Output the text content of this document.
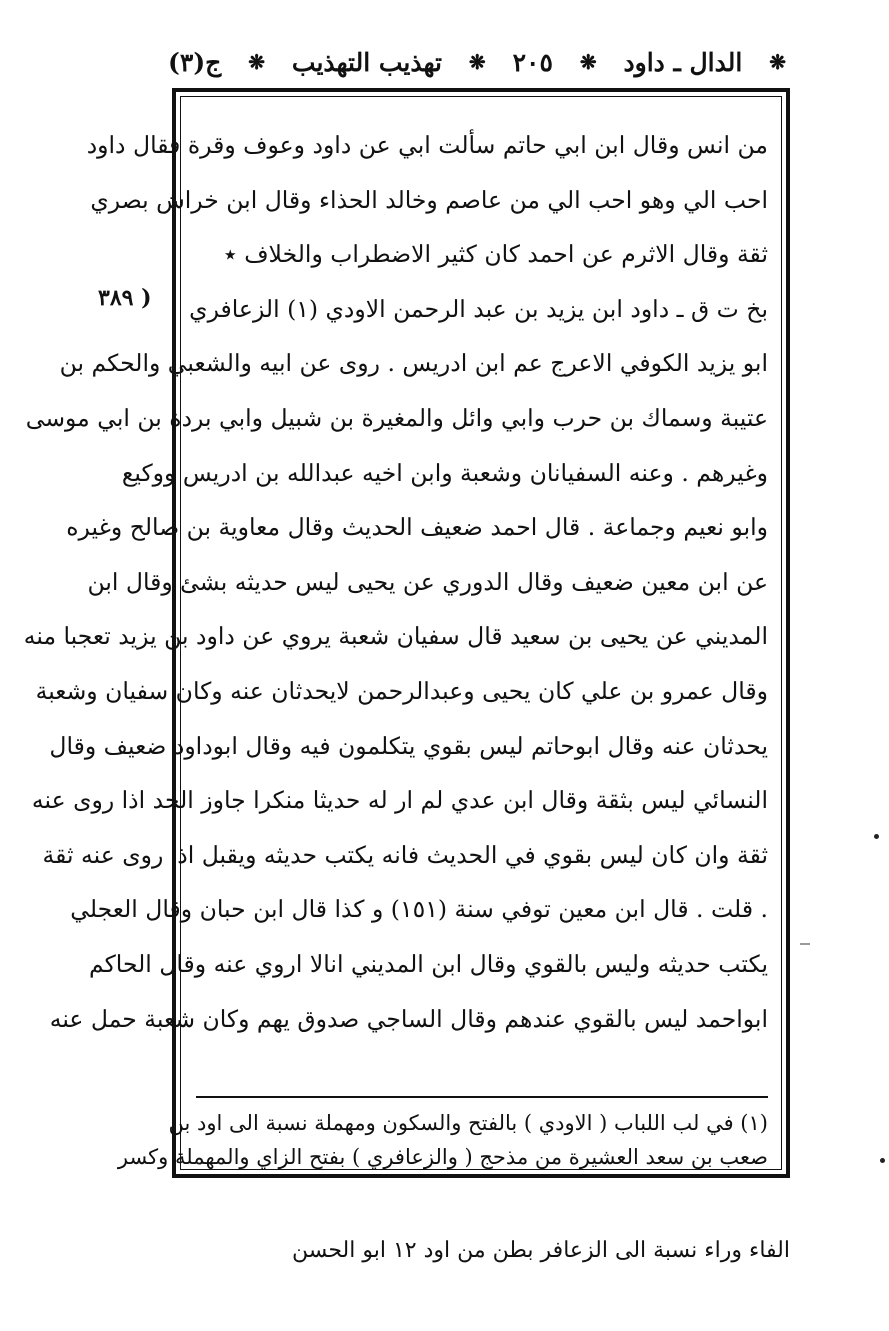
ج(٣) ❋ تهذيب التهذيب ❋ ٢٠٥ ❋ الدال ـ داود ❋
( ٣٨٩
من انس وقال ابن ابي حاتم سألت ابي عن داود وعوف وقرة فقال داود
احب الي وهو احب الي من عاصم وخالد الحذاء وقال ابن خراش بصري
ثقة وقال الاثرم عن احمد كان كثير الاضطراب والخلاف ٭
بخ ت ق ـ داود ابن يزيد بن عبد الرحمن الاودي (١) الزعافري
ابو يزيد الكوفي الاعرج عم ابن ادريس . روى عن ابيه والشعبي والحكم بن
عتيبة وسماك بن حرب وابي وائل والمغيرة بن شبيل وابي بردة بن ابي موسى
وغيرهم . وعنه السفيانان وشعبة وابن اخيه عبدالله بن ادريس ووكيع
وابو نعيم وجماعة . قال احمد ضعيف الحديث وقال معاوية بن صالح وغيره
عن ابن معين ضعيف وقال الدوري عن يحيى ليس حديثه بشئ وقال ابن
المديني عن يحيى بن سعيد قال سفيان شعبة يروي عن داود بن يزيد تعجبا منه
وقال عمرو بن علي كان يحيى وعبدالرحمن لايحدثان عنه وكان سفيان وشعبة
يحدثان عنه وقال ابوحاتم ليس بقوي يتكلمون فيه وقال ابوداود ضعيف وقال
النسائي ليس بثقة وقال ابن عدي لم ار له حديثا منكرا جاوز الحد اذا روى عنه
ثقة وان كان ليس بقوي في الحديث فانه يكتب حديثه ويقبل اذا روى عنه ثقة
. قلت . قال ابن معين توفي سنة (١٥١) و كذا قال ابن حبان وقال العجلي
يكتب حديثه وليس بالقوي وقال ابن المديني انالا اروي عنه وقال الحاكم
ابواحمد ليس بالقوي عندهم وقال الساجي صدوق يهم وكان شعبة حمل عنه
(١) في لب اللباب ( الاودي ) بالفتح والسكون ومهملة نسبة الى اود بن
صعب بن سعد العشيرة من مذحج ( والزعافري ) بفتح الزاي والمهملة وكسر
الفاء وراء نسبة الى الزعافر بطن من اود ١٢ ابو الحسن
